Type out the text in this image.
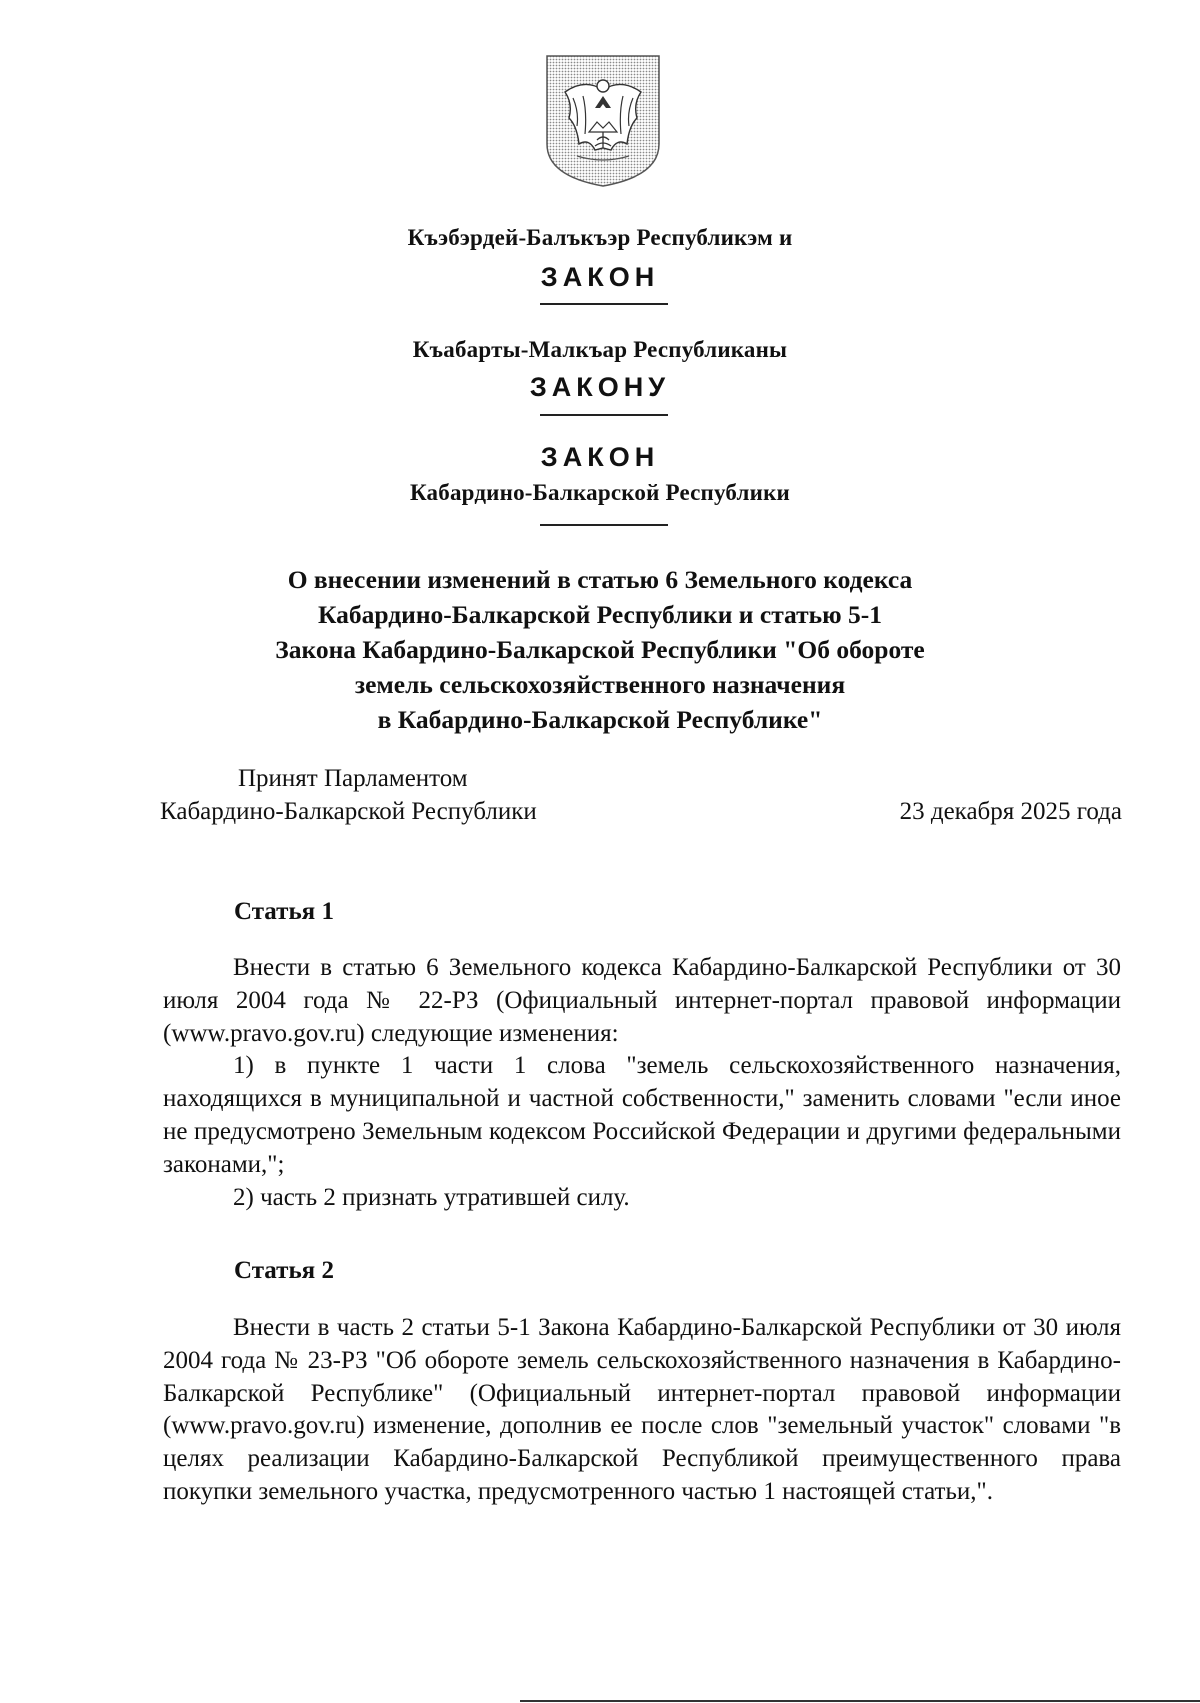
Къэбэрдей-Балъкъэр Республикэм и
ЗАКОН
Къабарты-Малкъар Республиканы
ЗАКОНУ
ЗАКОН
Кабардино-Балкарской Республики
О внесении изменений в статью 6 Земельного кодекса
Кабардино-Балкарской Республики и статью 5-1
Закона Кабардино-Балкарской Республики "Об обороте
земель сельскохозяйственного назначения
в Кабардино-Балкарской Республике"
Принят Парламентом
Кабардино-Балкарской Республики	23 декабря 2025 года
Статья 1

Внести в статью 6 Земельного кодекса Кабардино-Балкарской Республики от 30 июля 2004 года № 22-РЗ (Официальный интернет-портал правовой информации (www.pravo.gov.ru) следующие изменения:

1) в пункте 1 части 1 слова "земель сельскохозяйственного назначения, находящихся в муниципальной и частной собственности," заменить словами "если иное не предусмотрено Земельным кодексом Российской Федерации и другими федеральными законами,";

2) часть 2 признать утратившей силу.

Статья 2

Внести в часть 2 статьи 5-1 Закона Кабардино-Балкарской Республики от 30 июля 2004 года № 23-РЗ "Об обороте земель сельскохозяйственного назначения в Кабардино-Балкарской Республике" (Официальный интернет-портал правовой информации (www.pravo.gov.ru) изменение, дополнив ее после слов "земельный участок" словами "в целях реализации Кабардино-Балкарской Республикой преимущественного права покупки земельного участка, предусмотренного частью 1 настоящей статьи,".
